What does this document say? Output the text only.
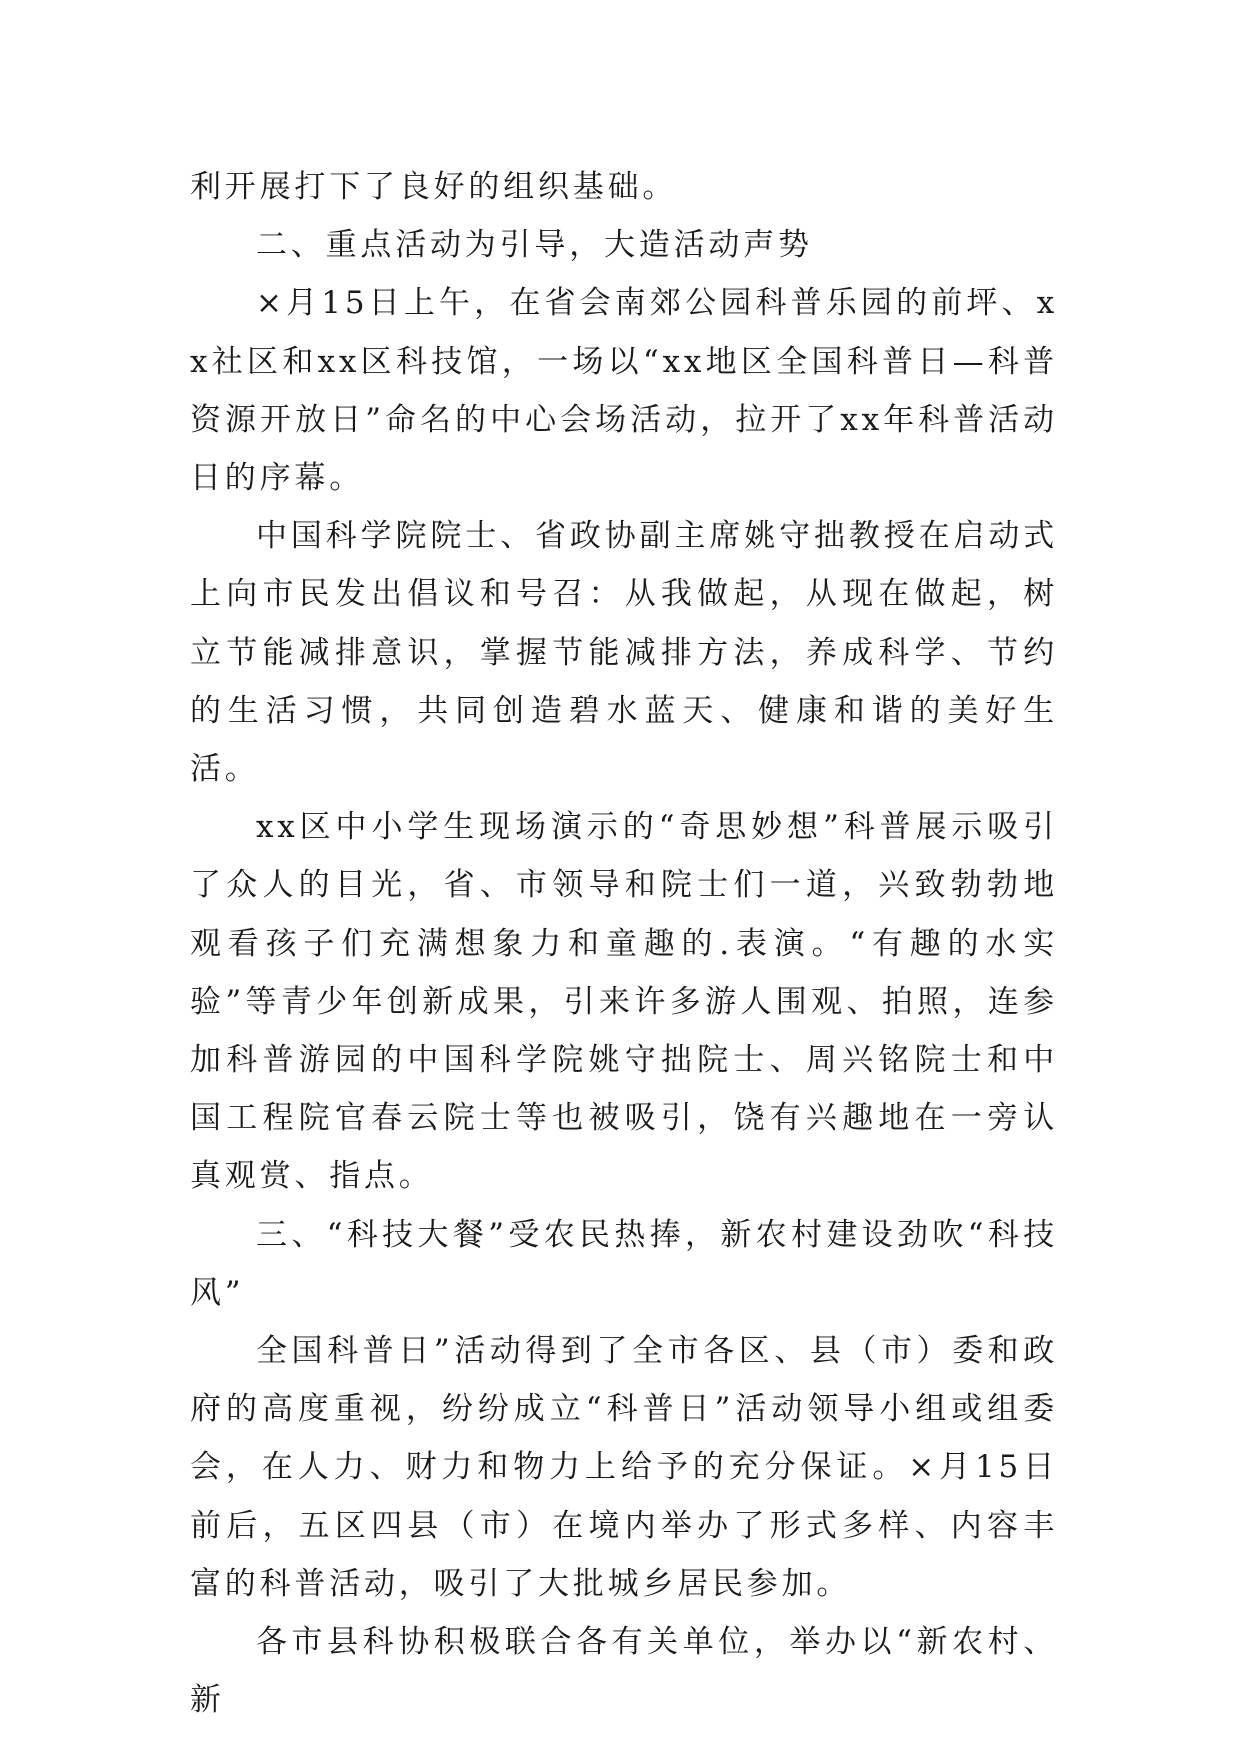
利开展打下了良好的组织基础。

二、重点活动为引导，大造活动声势

×月15日上午，在省会南郊公园科普乐园的前坪、xx社区和xx区科技馆，一场以“xx地区全国科普日—科普资源开放日”命名的中心会场活动，拉开了xx年科普活动日的序幕。

中国科学院院士、省政协副主席姚守拙教授在启动式上向市民发出倡议和号召：从我做起，从现在做起，树立节能减排意识，掌握节能减排方法，养成科学、节约的生活习惯，共同创造碧水蓝天、健康和谐的美好生活。

xx区中小学生现场演示的“奇思妙想”科普展示吸引了众人的目光，省、市领导和院士们一道，兴致勃勃地观看孩子们充满想象力和童趣的.表演。“有趣的水实验”等青少年创新成果，引来许多游人围观、拍照，连参加科普游园的中国科学院姚守拙院士、周兴铭院士和中国工程院官春云院士等也被吸引，饶有兴趣地在一旁认真观赏、指点。

三、“科技大餐”受农民热捧，新农村建设劲吹“科技风”

全国科普日”活动得到了全市各区、县（市）委和政府的高度重视，纷纷成立“科普日”活动领导小组或组委会，在人力、财力和物力上给予的充分保证。×月15日前后，五区四县（市）在境内举办了形式多样、内容丰富的科普活动，吸引了大批城乡居民参加。

各市县科协积极联合各有关单位，举办以“新农村、新
